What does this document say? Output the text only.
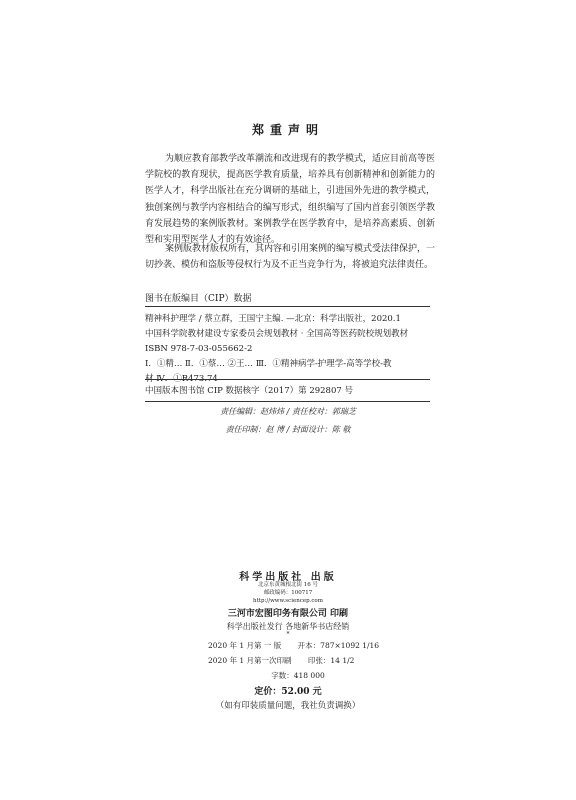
郑重声明

为顺应教育部教学改革潮流和改进现有的教学模式，适应目前高等医学院校的教育现状，提高医学教育质量，培养具有创新精神和创新能力的医学人才，科学出版社在充分调研的基础上，引进国外先进的教学模式，独创案例与教学内容相结合的编写形式，组织编写了国内首套引领医学教育发展趋势的案例版教材。案例教学在医学教育中，是培养高素质、创新型和实用型医学人才的有效途径。

案例版教材版权所有，其内容和引用案例的编写模式受法律保护，一切抄袭、模仿和盗版等侵权行为及不正当竞争行为，将被追究法律责任。

图书在版编目（CIP）数据
精神科护理学 / 蔡立群，王国宁主编. —北京：科学出版社，2020.1
中国科学院教材建设专家委员会规划教材 · 全国高等医药院校规划教材
ISBN 978-7-03-055662-2
Ⅰ．①精… Ⅱ．①蔡… ②王… Ⅲ．①精神病学-护理学-高等学校-教
材 Ⅳ．①R473.74
中国版本图书馆 CIP 数据核字（2017）第 292807 号
责任编辑：赵炜炜 / 责任校对：郭瑞芝
责任印制：赵 博 / 封面设计：陈 敬
科学出版社 出版
北京东黄城根北街 16 号
邮政编码：100717
http://www.sciencep.com
三河市宏图印务有限公司 印刷
科学出版社发行 各地新华书店经销
*
2020 年 1 月第 一 版 开本：787×1092 1/16
2020 年 1 月第一次印刷 印张：14 1/2
字数：418 000
定价：52.00 元
（如有印装质量问题，我社负责调换）
